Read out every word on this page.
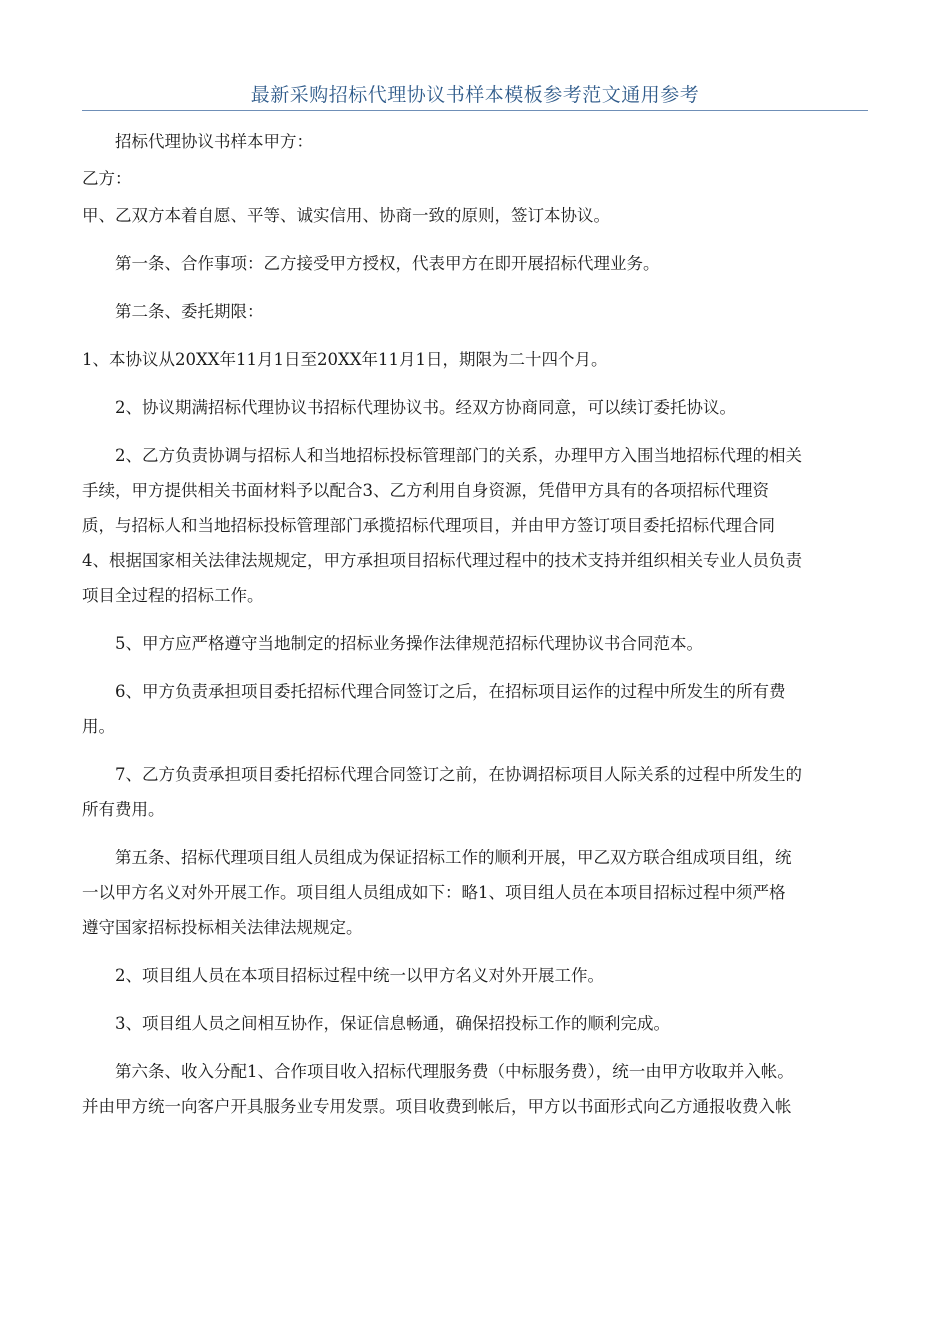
最新采购招标代理协议书样本模板参考范文通用参考
招标代理协议书样本甲方：
乙方：
甲、乙双方本着自愿、平等、诚实信用、协商一致的原则，签订本协议。
第一条、合作事项：乙方接受甲方授权，代表甲方在即开展招标代理业务。
第二条、委托期限：
1、本协议从20XX年11月1日至20XX年11月1日，期限为二十四个月。
2、协议期满招标代理协议书招标代理协议书。经双方协商同意，可以续订委托协议。
2、乙方负责协调与招标人和当地招标投标管理部门的关系，办理甲方入围当地招标代理的相关
手续，甲方提供相关书面材料予以配合3、乙方利用自身资源，凭借甲方具有的各项招标代理资
质，与招标人和当地招标投标管理部门承揽招标代理项目，并由甲方签订项目委托招标代理合同
4、根据国家相关法律法规规定，甲方承担项目招标代理过程中的技术支持并组织相关专业人员负责
项目全过程的招标工作。
5、甲方应严格遵守当地制定的招标业务操作法律规范招标代理协议书合同范本。
6、甲方负责承担项目委托招标代理合同签订之后，在招标项目运作的过程中所发生的所有费
用。
7、乙方负责承担项目委托招标代理合同签订之前，在协调招标项目人际关系的过程中所发生的
所有费用。
第五条、招标代理项目组人员组成为保证招标工作的顺利开展，甲乙双方联合组成项目组，统
一以甲方名义对外开展工作。项目组人员组成如下：略1、项目组人员在本项目招标过程中须严格
遵守国家招标投标相关法律法规规定。
2、项目组人员在本项目招标过程中统一以甲方名义对外开展工作。
3、项目组人员之间相互协作，保证信息畅通，确保招投标工作的顺利完成。
第六条、收入分配1、合作项目收入招标代理服务费（中标服务费），统一由甲方收取并入帐。
并由甲方统一向客户开具服务业专用发票。项目收费到帐后，甲方以书面形式向乙方通报收费入帐
